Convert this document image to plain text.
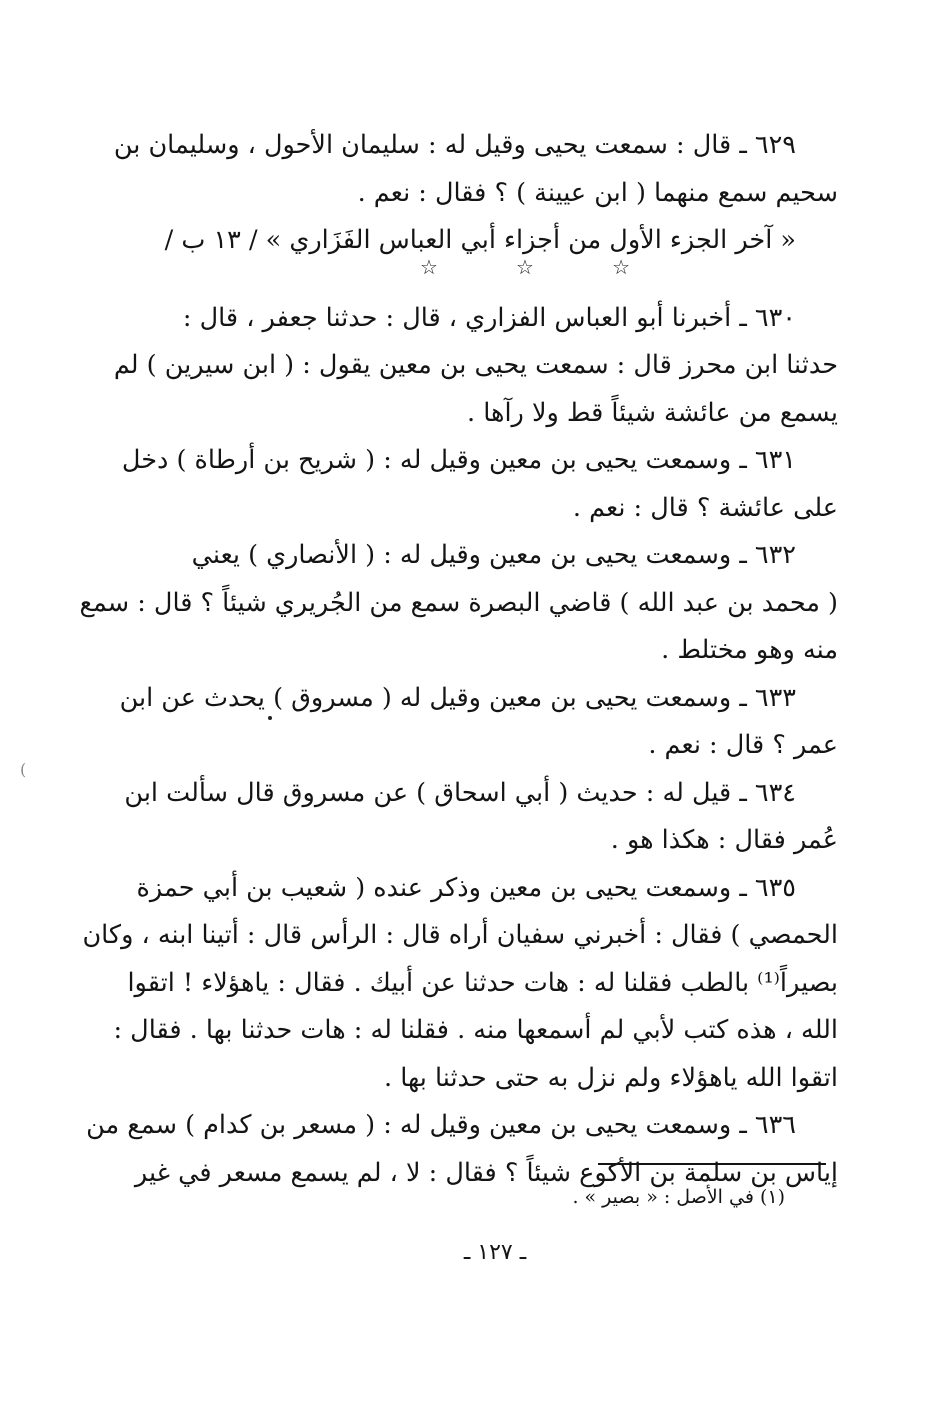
٦٢٩ ـ قال : سمعت يحيى وقيل له : سليمان الأحول ، وسليمان بن
سحيم سمع منهما ( ابن عيينة ) ؟ فقال : نعم .
« آخر الجزء الأول من أجزاء أبي العباس الفَزَاري » / ١٣ ب /
٦٣٠ ـ أخبرنا أبو العباس الفزاري ، قال : حدثنا جعفر ، قال :
حدثنا ابن محرز قال : سمعت يحيى بن معين يقول : ( ابن سيرين ) لم
يسمع من عائشة شيئاً قط ولا رآها .
٦٣١ ـ وسمعت يحيى بن معين وقيل له : ( شريح بن أرطاة ) دخل
على عائشة ؟ قال : نعم .
٦٣٢ ـ وسمعت يحيى بن معين وقيل له : ( الأنصاري ) يعني
( محمد بن عبد الله ) قاضي البصرة سمع من الجُريري شيئاً ؟ قال : سمع
منه وهو مختلط .
٦٣٣ ـ وسمعت يحيى بن معين وقيل له ( مسروق ) يحدث عن ابن
عمر ؟ قال : نعم .
٦٣٤ ـ قيل له : حديث ( أبي اسحاق ) عن مسروق قال سألت ابن
عُمر فقال : هكذا هو .
٦٣٥ ـ وسمعت يحيى بن معين وذكر عنده ( شعيب بن أبي حمزة
الحمصي ) فقال : أخبرني سفيان أراه قال : الرأس قال : أتينا ابنه ، وكان
بصيراً⁽¹⁾ بالطب فقلنا له : هات حدثنا عن أبيك . فقال : ياهؤلاء ! اتقوا
الله ، هذه كتب لأبي لم أسمعها منه . فقلنا له : هات حدثنا بها . فقال :
اتقوا الله ياهؤلاء ولم نزل به حتى حدثنا بها .
٦٣٦ ـ وسمعت يحيى بن معين وقيل له : ( مسعر بن كدام ) سمع من
إياس بن سلمة بن الأكوع شيئاً ؟ فقال : لا ، لم يسمع مسعر في غير
☆	☆	☆
(
(١) في الأصل : « بصير » .
ـ ١٢٧ ـ
